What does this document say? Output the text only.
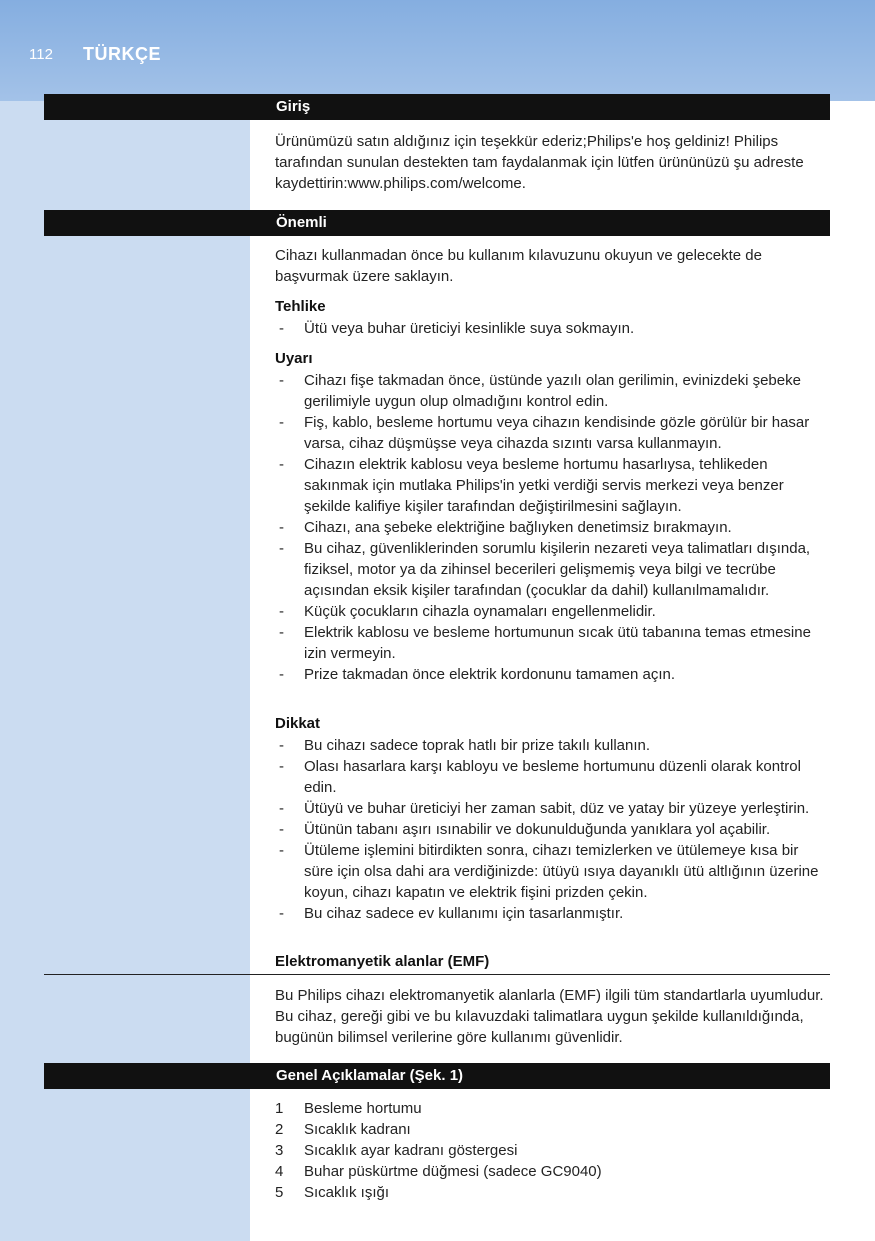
112 TÜRKÇE
Giriş

Ürünümüzü satın aldığınız için teşekkür ederiz;Philips'e hoş geldiniz! Philips tarafından sunulan destekten tam faydalanmak için lütfen ürününüzü şu adreste kaydettirin:www.philips.com/welcome.

Önemli

Cihazı kullanmadan önce bu kullanım kılavuzunu okuyun ve gelecekte de başvurmak üzere saklayın.

Tehlike
- Ütü veya buhar üreticiyi kesinlikle suya sokmayın.
Uyarı
- Cihazı fişe takmadan önce, üstünde yazılı olan gerilimin, evinizdeki şebeke gerilimiyle uygun olup olmadığını kontrol edin.
- Fiş, kablo, besleme hortumu veya cihazın kendisinde gözle görülür bir hasar varsa, cihaz düşmüşse veya cihazda sızıntı varsa kullanmayın.
- Cihazın elektrik kablosu veya besleme hortumu hasarlıysa, tehlikeden sakınmak için mutlaka Philips'in yetki verdiği servis merkezi veya benzer şekilde kalifiye kişiler tarafından değiştirilmesini sağlayın.
- Cihazı, ana şebeke elektriğine bağlıyken denetimsiz bırakmayın.
- Bu cihaz, güvenliklerinden sorumlu kişilerin nezareti veya talimatları dışında, fiziksel, motor ya da zihinsel becerileri gelişmemiş veya bilgi ve tecrübe açısından eksik kişiler tarafından (çocuklar da dahil) kullanılmamalıdır.
- Küçük çocukların cihazla oynamaları engellenmelidir.
- Elektrik kablosu ve besleme hortumunun sıcak ütü tabanına temas etmesine izin vermeyin.
- Prize takmadan önce elektrik kordonunu tamamen açın.
Dikkat
- Bu cihazı sadece toprak hatlı bir prize takılı kullanın.
- Olası hasarlara karşı kabloyu ve besleme hortumunu düzenli olarak kontrol edin.
- Ütüyü ve buhar üreticiyi her zaman sabit, düz ve yatay bir yüzeye yerleştirin.
- Ütünün tabanı aşırı ısınabilir ve dokunulduğunda yanıklara yol açabilir.
- Ütüleme işlemini bitirdikten sonra, cihazı temizlerken ve ütülemeye kısa bir süre için olsa dahi ara verdiğinizde: ütüyü ısıya dayanıklı ütü altlığının üzerine koyun, cihazı kapatın ve elektrik fişini prizden çekin.
- Bu cihaz sadece ev kullanımı için tasarlanmıştır.
Elektromanyetik alanlar (EMF)

Bu Philips cihazı elektromanyetik alanlarla (EMF) ilgili tüm standartlarla uyumludur. Bu cihaz, gereği gibi ve bu kılavuzdaki talimatlara uygun şekilde kullanıldığında, bugünün bilimsel verilerine göre kullanımı güvenlidir.

Genel Açıklamalar (Şek. 1)
1 Besleme hortumu
2 Sıcaklık kadranı
3 Sıcaklık ayar kadranı göstergesi
4 Buhar püskürtme düğmesi (sadece GC9040)
5 Sıcaklık ışığı
